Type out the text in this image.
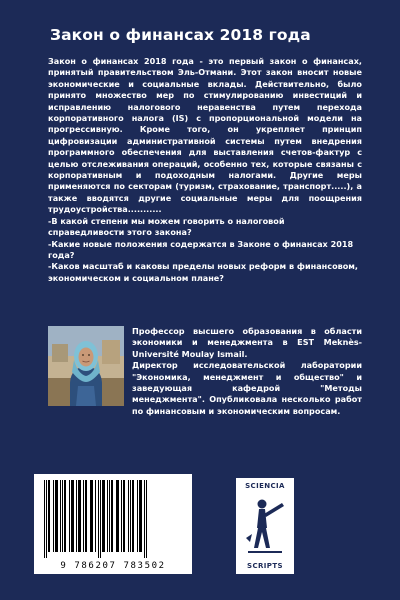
Закон о финансах 2018 года

Закон о финансах 2018 года - это первый закон о финансах, принятый правительством Эль-Отмани. Этот закон вносит новые экономические и социальные вклады. Действительно, было принято множество мер по стимулированию инвестиций и исправлению налогового неравенства путем перехода корпоративного налога (IS) с пропорциональной модели на прогрессивную. Кроме того, он укрепляет принцип цифровизации административной системы путем внедрения программного обеспечения для выставления счетов-фактур с целью отслеживания операций, особенно тех, которые связаны с корпоративным и подоходным налогами. Другие меры применяются по секторам (туризм, страхование, транспорт.....), а также вводятся другие социальные меры для поощрения трудоустройства...........

-В какой степени мы можем говорить о налоговой справедливости этого закона?

-Какие новые положения содержатся в Законе о финансах 2018 года?

-Каков масштаб и каковы пределы новых реформ в финансовом, экономическом и социальном плане?

Профессор высшего образования в области экономики и менеджмента в EST Meknès-Université Moulay Ismail.

Директор исследовательской лаборатории "Экономика, менеджмент и общество" и заведующая кафедрой "Методы менеджмента". Опубликовала несколько работ по финансовым и экономическим вопросам.

9 786207 783502
SCIENCIA
SCRIPTS
